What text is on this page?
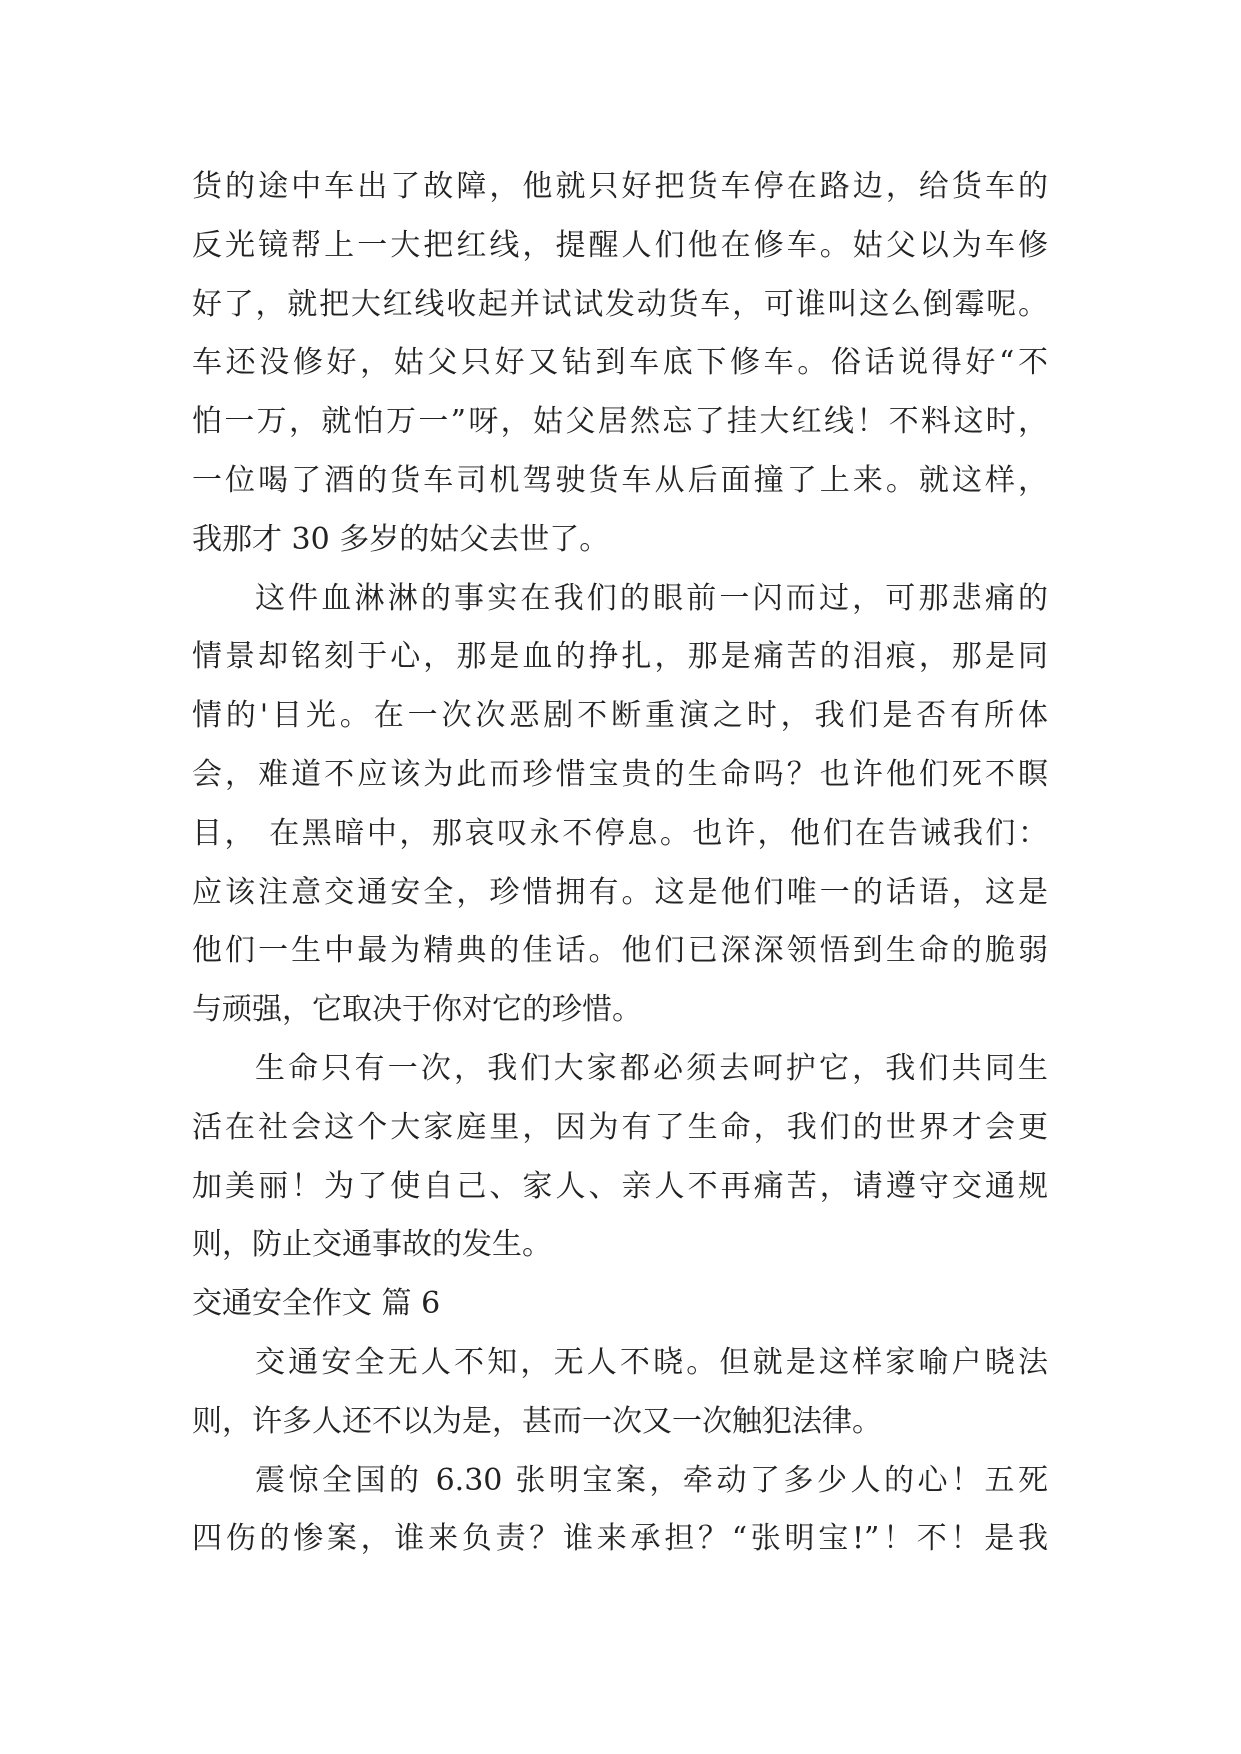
货的途中车出了故障，他就只好把货车停在路边，给货车的
反光镜帮上一大把红线，提醒人们他在修车。姑父以为车修
好了，就把大红线收起并试试发动货车，可谁叫这么倒霉呢。
车还没修好，姑父只好又钻到车底下修车。俗话说得好“不
怕一万，就怕万一”呀，姑父居然忘了挂大红线！不料这时，
一位喝了酒的货车司机驾驶货车从后面撞了上来。就这样，
我那才 30 多岁的姑父去世了。
这件血淋淋的事实在我们的眼前一闪而过，可那悲痛的
情景却铭刻于心，那是血的挣扎，那是痛苦的泪痕，那是同
情的'目光。在一次次恶剧不断重演之时，我们是否有所体
会，难道不应该为此而珍惜宝贵的生命吗？也许他们死不瞑
目， 在黑暗中，那哀叹永不停息。也许，他们在告诫我们：
应该注意交通安全，珍惜拥有。这是他们唯一的话语，这是
他们一生中最为精典的佳话。他们已深深领悟到生命的脆弱
与顽强，它取决于你对它的珍惜。
生命只有一次，我们大家都必须去呵护它，我们共同生
活在社会这个大家庭里，因为有了生命，我们的世界才会更
加美丽！为了使自己、家人、亲人不再痛苦，请遵守交通规
则，防止交通事故的发生。
交通安全作文 篇 6
交通安全无人不知，无人不晓。但就是这样家喻户晓法
则，许多人还不以为是，甚而一次又一次触犯法律。
震惊全国的 6.30 张明宝案，牵动了多少人的心！五死
四伤的惨案，谁来负责？谁来承担？“张明宝!”！不！是我
